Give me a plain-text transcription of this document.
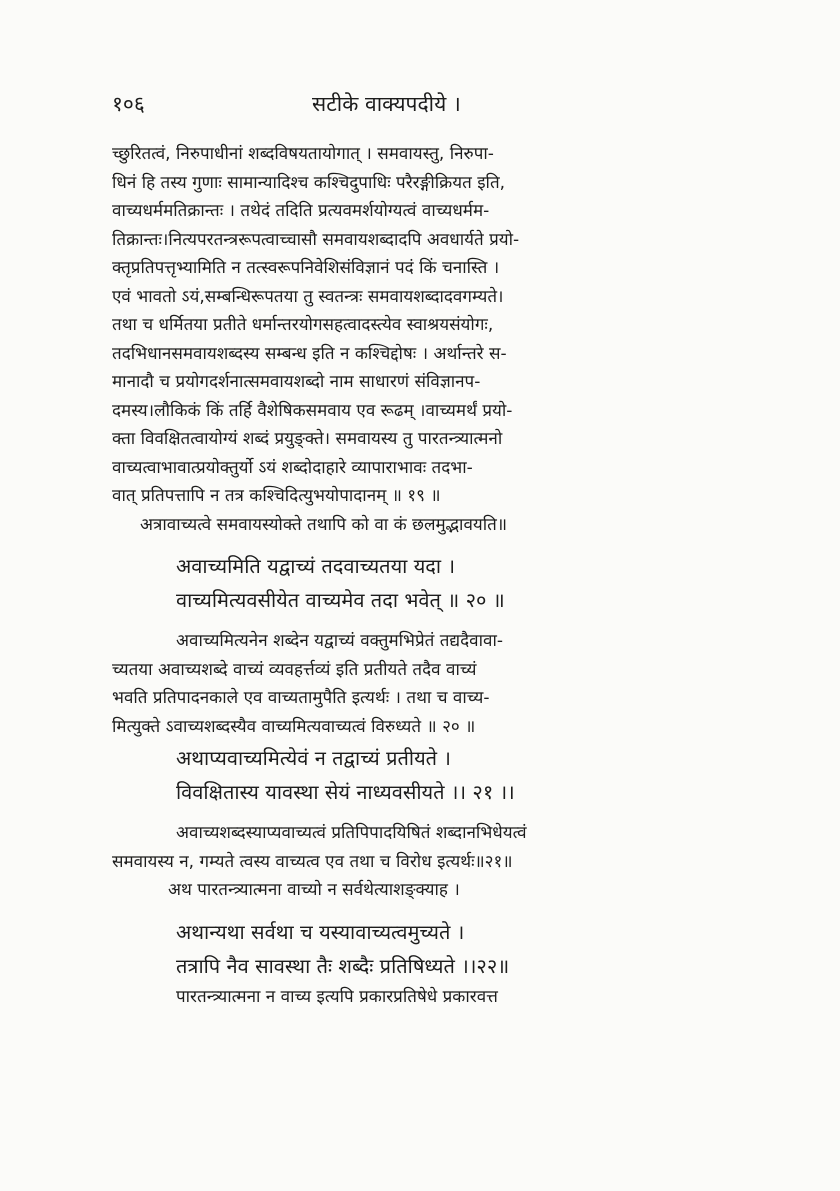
१०६	सटीके वाक्यपदीये ।
च्छुरितत्वं, निरुपाधीनां शब्दविषयतायोगात् । समवायस्तु, निरुपा-
धिनं हि तस्य गुणाः सामान्यादिश्च कश्चिदुपाधिः परैरङ्गीक्रियत इति,
वाच्यधर्ममतिक्रान्तः । तथेदं तदिति प्रत्यवमर्शयोग्यत्वं वाच्यधर्मम-
तिक्रान्तः।नित्यपरतन्त्ररूपत्वाच्चासौ समवायशब्दादपि अवधार्यते प्रयो-
क्तृप्रतिपत्तृभ्यामिति न तत्स्वरूपनिवेशिसंविज्ञानं पदं किं चनास्ति ।
एवं भावतो ऽयं,सम्बन्धिरूपतया तु स्वतन्त्रः समवायशब्दादवगम्यते।
तथा च धर्मितया प्रतीते धर्मान्तरयोगसहत्वादस्त्येव स्वाश्रयसंयोगः,
तदभिधानसमवायशब्दस्य सम्बन्ध इति न कश्चिद्दोषः । अर्थान्तरे स-
मानादौ च प्रयोगदर्शनात्समवायशब्दो नाम साधारणं संविज्ञानप-
दमस्य।लौकिकं किं तर्हि वैशेषिकसमवाय एव रूढम् ।वाच्यमर्थं प्रयो-
क्ता विवक्षितत्वायोग्यं शब्दं प्रयुङ्क्ते। समवायस्य तु पारतन्त्र्यात्मनो
वाच्यत्वाभावात्प्रयोक्तुर्यो ऽयं शब्दोदाहारे व्यापाराभावः तदभा-
वात् प्रतिपत्तापि न तत्र कश्चिदित्युभयोपादानम् ॥ १९ ॥
अत्रावाच्यत्वे समवायस्योक्ते तथापि को वा कं छलमुद्भावयति॥
अवाच्यमिति यद्वाच्यं तदवाच्यतया यदा ।
वाच्यमित्यवसीयेत वाच्यमेव तदा भवेत् ॥ २० ॥
अवाच्यमित्यनेन शब्देन यद्वाच्यं वक्तुमभिप्रेतं तद्यदैवावा-
च्यतया अवाच्यशब्दे वाच्यं व्यवहर्त्तव्यं इति प्रतीयते तदैव वाच्यं
भवति प्रतिपादनकाले एव वाच्यतामुपैति इत्यर्थः । तथा च वाच्य-
मित्युक्ते ऽवाच्यशब्दस्यैव वाच्यमित्यवाच्यत्वं विरुध्यते ॥ २० ॥
अथाप्यवाच्यमित्येवं न तद्वाच्यं प्रतीयते ।
विवक्षितास्य यावस्था सेयं नाध्यवसीयते ।। २१ ।।
अवाच्यशब्दस्याप्यवाच्यत्वं प्रतिपिपादयिषितं शब्दानभिधेयत्वं
समवायस्य न, गम्यते त्वस्य वाच्यत्व एव तथा च विरोध इत्यर्थः॥२१॥
अथ पारतन्त्र्यात्मना वाच्यो न सर्वथेत्याशङ्क्याह ।
अथान्यथा सर्वथा च यस्यावाच्यत्वमुच्यते ।
तत्रापि नैव सावस्था तैः शब्दैः प्रतिषिध्यते ।।२२॥
पारतन्त्र्यात्मना न वाच्य इत्यपि प्रकारप्रतिषेधे प्रकारवत्त
